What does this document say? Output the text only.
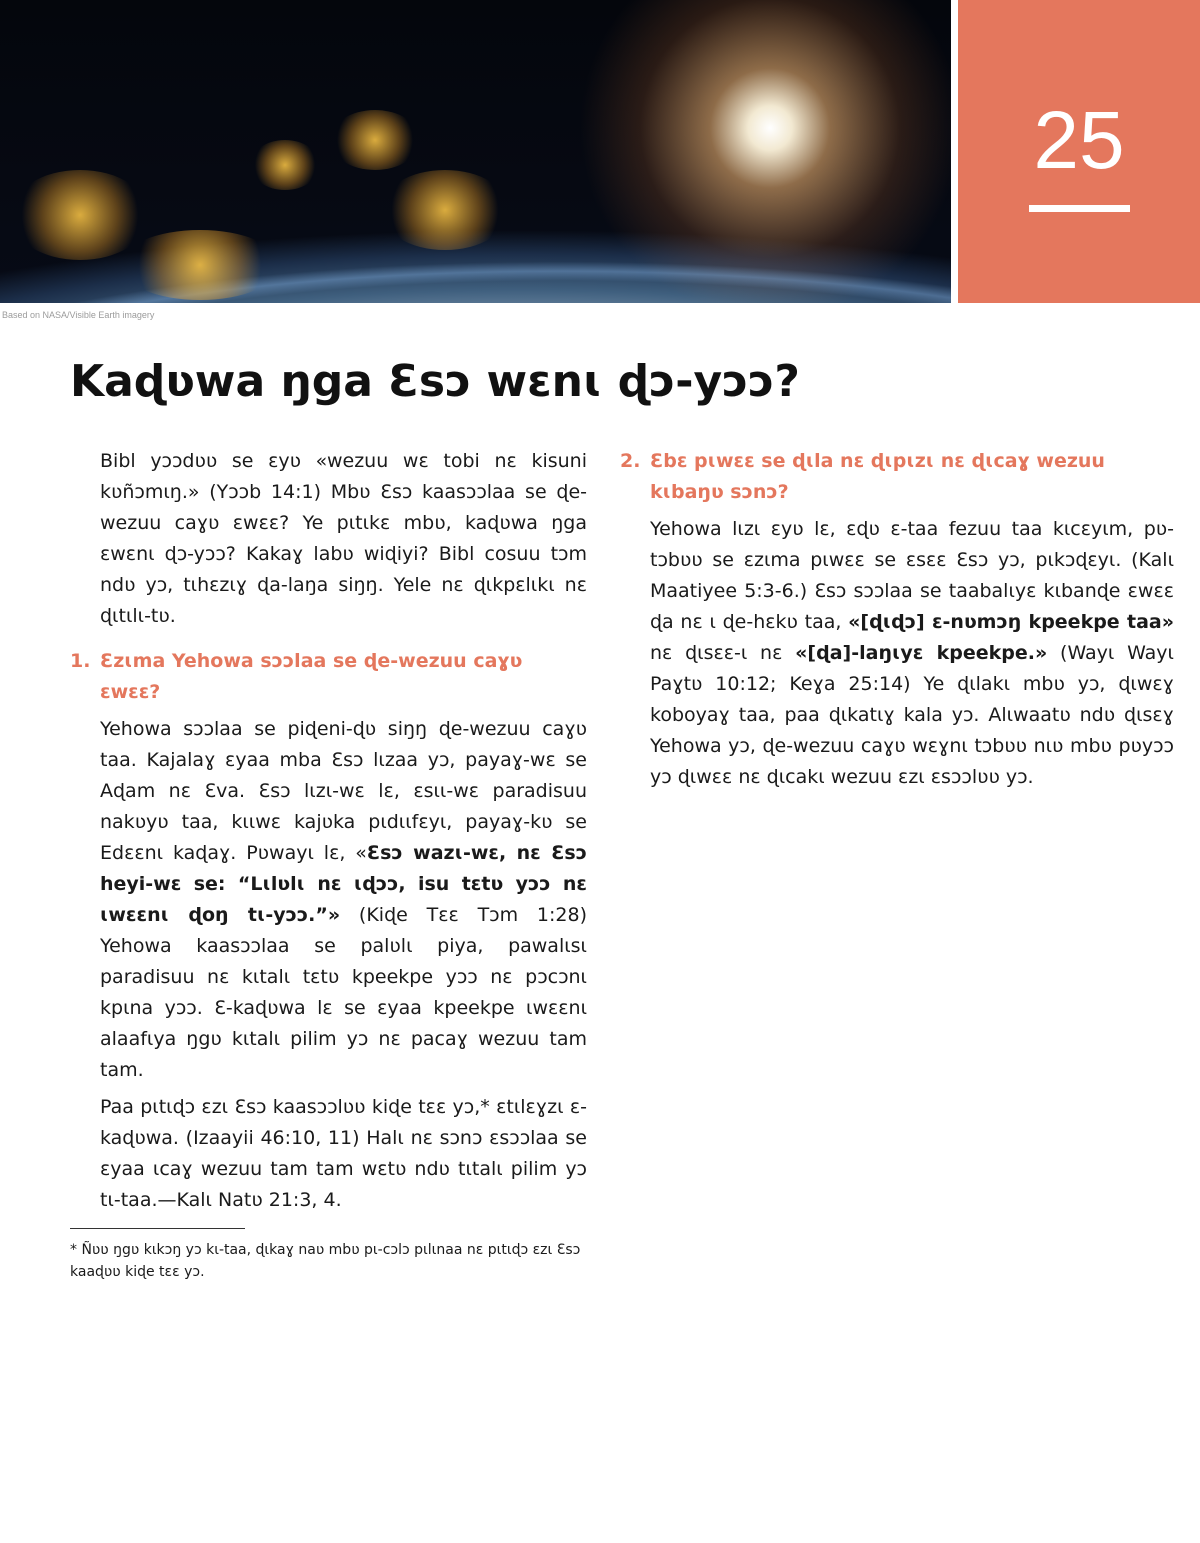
25
Based on NASA/Visible Earth imagery
Kaɖʋwa ŋga Ɛsɔ wɛnɩ ɖɔ-yɔɔ?

Bibl yɔɔdʋʋ se ɛyʋ «wezuu wɛ tobi nɛ kisuni kʋñɔmɩŋ.» (Yɔɔb 14:1) Mbʋ Ɛsɔ kaasɔɔlaa se ɖe-wezuu caɣʋ ɛwɛɛ? Ye pɩtɩkɛ mbʋ, kaɖʋwa ŋga ɛwɛnɩ ɖɔ-yɔɔ? Kakaɣ labʋ wiɖiyi? Bibl cosuu tɔm ndʋ yɔ, tɩhɛzɩɣ ɖa-laŋa siŋŋ. Yele nɛ ɖɩkpɛlɩkɩ nɛ ɖɩtɩlɩ-tʋ.

1. Ɛzɩma Yehowa sɔɔlaa se ɖe-wezuu caɣʋ ɛwɛɛ?

Yehowa sɔɔlaa se piɖeni-ɖʋ siŋŋ ɖe-wezuu caɣʋ taa. Kajalaɣ ɛyaa mba Ɛsɔ lɩzaa yɔ, payaɣ-wɛ se Aɖam nɛ Ɛva. Ɛsɔ lɩzɩ-wɛ lɛ, ɛsɩɩ-wɛ paradisuu nakʋyʋ taa, kɩɩwɛ kajʋka pɩdɩɩfɛyɩ, payaɣ-kʋ se Edɛɛnɩ kaɖaɣ. Pʋwayɩ lɛ, «Ɛsɔ wazɩ-wɛ, nɛ Ɛsɔ heyi-wɛ se: “Lɩlʋlɩ nɛ ɩɖɔɔ, isu tɛtʋ yɔɔ nɛ ɩwɛɛnɩ ɖoŋ tɩ-yɔɔ.”» (Kiɖe Tɛɛ Tɔm 1:28) Yehowa kaasɔɔlaa se palʋlɩ piya, pawalɩsɩ paradisuu nɛ kɩtalɩ tɛtʋ kpeekpe yɔɔ nɛ pɔcɔnɩ kpɩna yɔɔ. Ɛ-kaɖʋwa lɛ se ɛyaa kpeekpe ɩwɛɛnɩ alaafɩya ŋgʋ kɩtalɩ pilim yɔ nɛ pacaɣ wezuu tam tam.

Paa pɩtɩɖɔ ɛzɩ Ɛsɔ kaasɔɔlʋʋ kiɖe tɛɛ yɔ,* ɛtɩlɛɣzɩ ɛ-kaɖʋwa. (Izaayii 46:10, 11) Halɩ nɛ sɔnɔ ɛsɔɔlaa se ɛyaa ɩcaɣ wezuu tam tam wɛtʋ ndʋ tɩtalɩ pilim yɔ tɩ-taa.—Kalɩ Natʋ 21:3, 4.

* Ñʋʋ ŋgʋ kɩkɔŋ yɔ kɩ-taa, ɖɩkaɣ naʋ mbʋ pɩ-cɔlɔ pɩlɩnaa nɛ pɩtɩɖɔ ɛzɩ Ɛsɔ kaaɖʋʋ kiɖe tɛɛ yɔ.

2. Ɛbɛ pɩwɛɛ se ɖɩla nɛ ɖɩpɩzɩ nɛ ɖɩcaɣ wezuu kɩbaŋʋ sɔnɔ?

Yehowa lɩzɩ ɛyʋ lɛ, ɛɖʋ ɛ-taa fezuu taa kɩcɛyɩm, pʋ-tɔbʋʋ se ɛzɩma pɩwɛɛ se ɛsɛɛ Ɛsɔ yɔ, pɩkɔɖɛyɩ. (Kalɩ Maatiyee 5:3-6.) Ɛsɔ sɔɔlaa se taabalɩyɛ kɩbanɖe ɛwɛɛ ɖa nɛ ɩ ɖe-hɛkʋ taa, «[ɖɩɖɔ] ɛ-nʋmɔŋ kpeekpe taa» nɛ ɖɩsɛɛ-ɩ nɛ «[ɖa]-laŋɩyɛ kpeekpe.» (Wayɩ Wayɩ Paɣtʋ 10:12; Keɣa 25:14) Ye ɖɩlakɩ mbʋ yɔ, ɖɩwɛɣ koboyaɣ taa, paa ɖɩkatɩɣ kala yɔ. Alɩwaatʋ ndʋ ɖɩsɛɣ Yehowa yɔ, ɖe-wezuu caɣʋ wɛɣnɩ tɔbʋʋ nɩʋ mbʋ pʋyɔɔ yɔ ɖɩwɛɛ nɛ ɖɩcakɩ wezuu ɛzɩ ɛsɔɔlʋʋ yɔ.
